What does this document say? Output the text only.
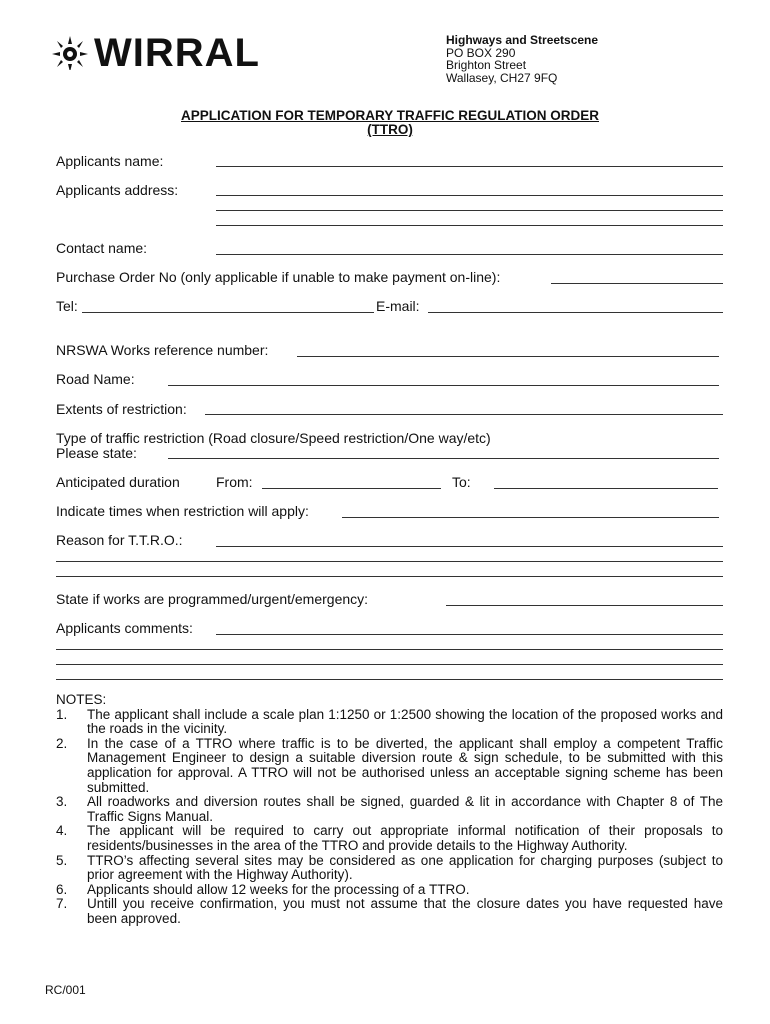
WIRRAL	Highways and Streetscene
PO BOX 290
Brighton Street
Wallasey, CH27 9FQ
APPLICATION FOR TEMPORARY TRAFFIC REGULATION ORDER
(TTRO)
Applicants name:
Applicants address:
Contact name:
Purchase Order No (only applicable if unable to make payment on-line):
Tel:	E-mail:
NRSWA Works reference number:
Road Name:
Extents of restriction:
Type of traffic restriction (Road closure/Speed restriction/One way/etc)
Please state:
Anticipated duration	From:	To:
Indicate times when restriction will apply:
Reason for T.T.R.O.:
State if works are programmed/urgent/emergency:
Applicants comments:
NOTES:
1. The applicant shall include a scale plan 1:1250 or 1:2500 showing the location of the proposed works and the roads in the vicinity.
2. In the case of a TTRO where traffic is to be diverted, the applicant shall employ a competent Traffic Management Engineer to design a suitable diversion route & sign schedule, to be submitted with this application for approval. A TTRO will not be authorised unless an acceptable signing scheme has been submitted.
3. All roadworks and diversion routes shall be signed, guarded & lit in accordance with Chapter 8 of The Traffic Signs Manual.
4. The applicant will be required to carry out appropriate informal notification of their proposals to residents/businesses in the area of the TTRO and provide details to the Highway Authority.
5. TTRO’s affecting several sites may be considered as one application for charging purposes (subject to prior agreement with the Highway Authority).
6. Applicants should allow 12 weeks for the processing of a TTRO.
7. Untill you receive confirmation, you must not assume that the closure dates you have requested have been approved.
RC/001
